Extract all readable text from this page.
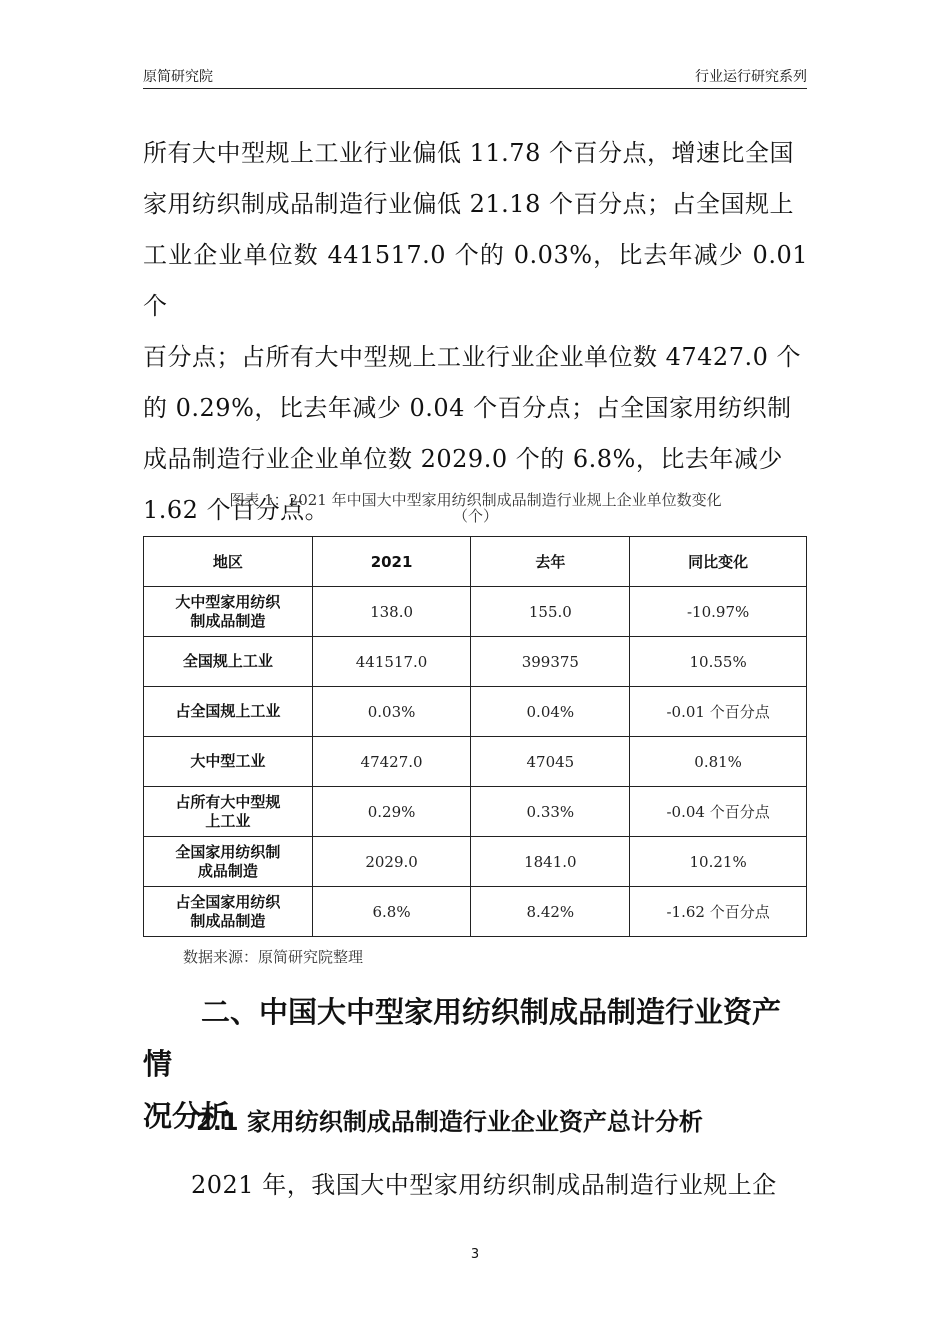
原简研究院	行业运行研究系列
所有大中型规上工业行业偏低 11.78 个百分点，增速比全国
家用纺织制成品制造行业偏低 21.18 个百分点；占全国规上
工业企业单位数 441517.0 个的 0.03%，比去年减少 0.01 个
百分点；占所有大中型规上工业行业企业单位数 47427.0 个
的 0.29%，比去年减少 0.04 个百分点；占全国家用纺织制
成品制造行业企业单位数 2029.0 个的 6.8%，比去年减少
1.62 个百分点。
图表 1：2021 年中国大中型家用纺织制成品制造行业规上企业单位数变化
（个）
地区	2021	去年	同比变化
大中型家用纺织
制成品制造	138.0	155.0	-10.97%
全国规上工业	441517.0	399375	10.55%
占全国规上工业	0.03%	0.04%	-0.01 个百分点
大中型工业	47427.0	47045	0.81%
占所有大中型规
上工业	0.29%	0.33%	-0.04 个百分点
全国家用纺织制
成品制造	2029.0	1841.0	10.21%
占全国家用纺织
制成品制造	6.8%	8.42%	-1.62 个百分点
数据来源：原简研究院整理
二、中国大中型家用纺织制成品制造行业资产情
况分析
2.1 家用纺织制成品制造行业企业资产总计分析
2021 年，我国大中型家用纺织制成品制造行业规上企
3
